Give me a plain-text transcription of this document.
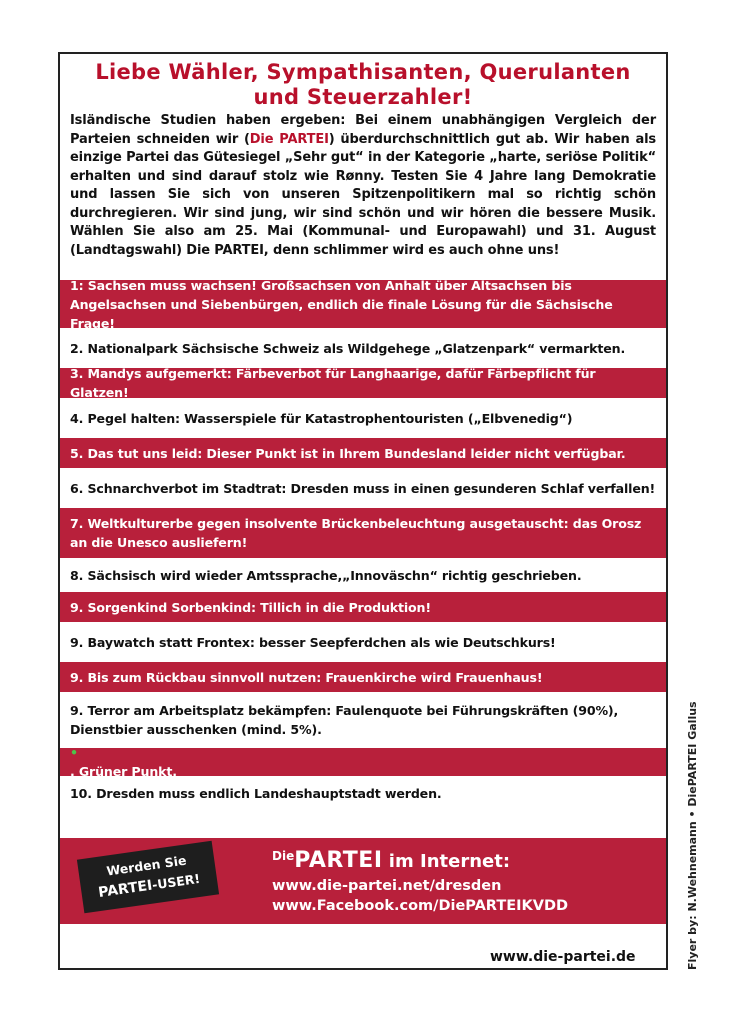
Liebe Wähler, Sympathisanten, Querulanten
und Steuerzahler!
Isländische Studien haben ergeben: Bei einem unabhängigen Vergleich der Parteien schneiden wir (Die PARTEI) überdurchschnittlich gut ab. Wir haben als einzige Partei das Gütesiegel „Sehr gut“ in der Kategorie „harte, seriöse Politik“ erhalten und sind darauf stolz wie Rønny. Testen Sie 4 Jahre lang Demokratie und lassen Sie sich von unseren Spitzenpolitikern mal so richtig schön durchregieren. Wir sind jung, wir sind schön und wir hören die bessere Musik. Wählen Sie also am 25. Mai (Kommunal- und Europawahl) und 31. August (Landtagswahl) Die PARTEI, denn schlimmer wird es auch ohne uns!
1: Sachsen muss wachsen! Großsachsen von Anhalt über Altsachsen bis Angelsachsen und Siebenbürgen, endlich die finale Lösung für die Sächsische Frage!
2. Nationalpark Sächsische Schweiz als Wildgehege „Glatzenpark“ vermarkten.
3. Mandys aufgemerkt: Färbeverbot für Langhaarige, dafür Färbepflicht für Glatzen!
4. Pegel halten: Wasserspiele für Katastrophentouristen („Elbvenedig“)
5. Das tut uns leid: Dieser Punkt ist in Ihrem Bundesland leider nicht verfügbar.
6. Schnarchverbot im Stadtrat: Dresden muss in einen gesunderen Schlaf verfallen!
7. Weltkulturerbe gegen insolvente Brückenbeleuchtung ausgetauscht: das Orosz an die Unesco ausliefern!
8. Sächsisch wird wieder Amtssprache,„Innoväschn“ richtig geschrieben.
9. Sorgenkind Sorbenkind: Tillich in die Produktion!
9. Baywatch statt Frontex: besser Seepferdchen als wie Deutschkurs!
9. Bis zum Rückbau sinnvoll nutzen: Frauenkirche wird Frauenhaus!
9. Terror am Arbeitsplatz bekämpfen: Faulenquote bei Führungskräften (90%), Dienstbier ausschenken (mind. 5%).
•
. Grüner Punkt.
10. Dresden muss endlich Landeshauptstadt werden.
Werden Sie
PARTEI-USER!
$^{Die}$PARTEI im Internet:
www.die-partei.net/dresden
www.Facebook.com/DiePARTEIKVDD
www.die-partei.de	Flyer by: N.Wehnemann • DiePARTEI Gallus
